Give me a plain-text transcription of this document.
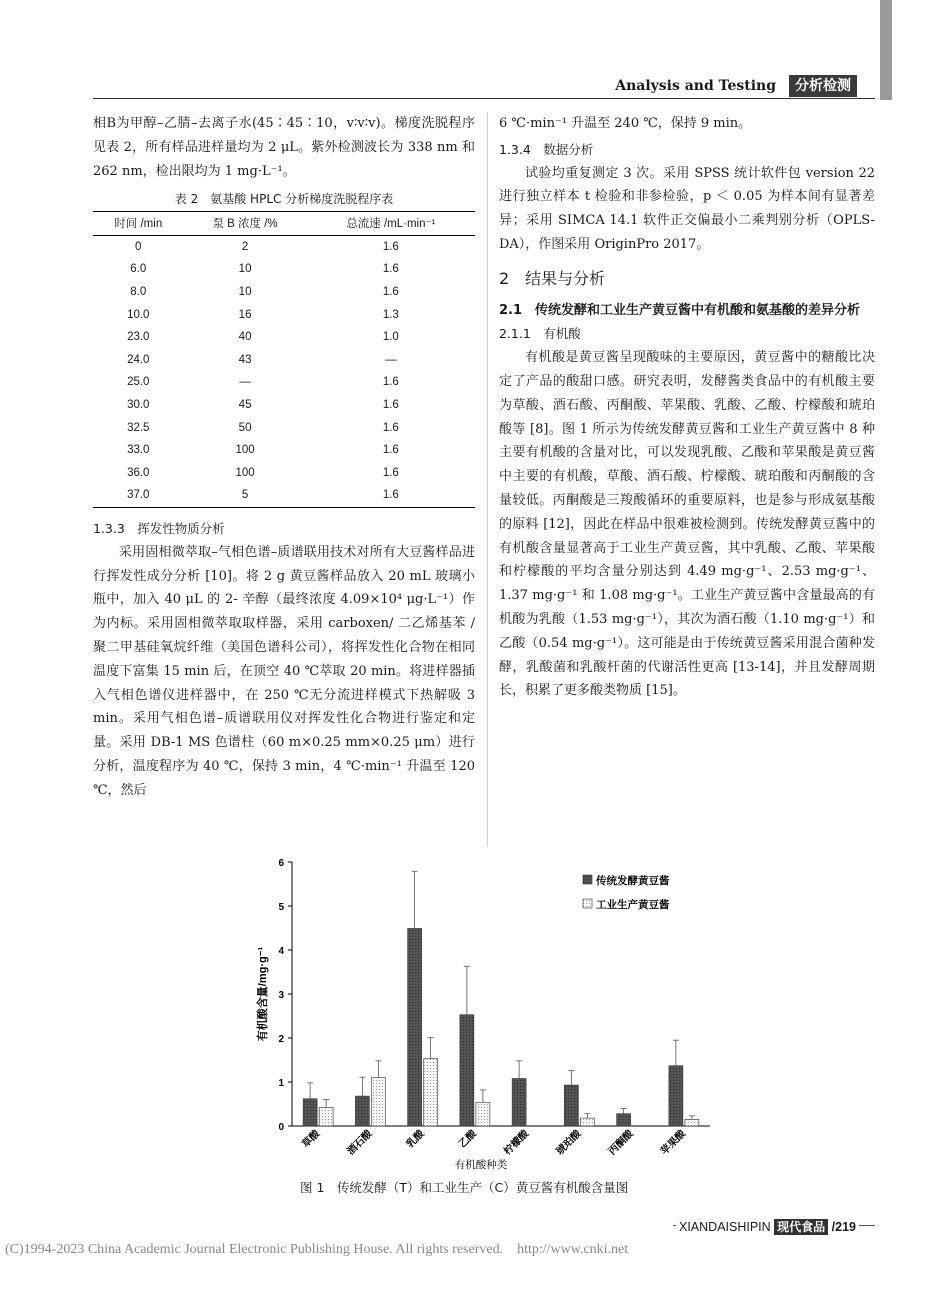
Analysis and Testing	分析检测

相B为甲醇–乙腈–去离子水(45∶45∶10，v∶v∶v)。梯度洗脱程序见表 2，所有样品进样量均为 2 μL。紫外检测波长为 338 nm 和 262 nm，检出限均为 1 mg·L⁻¹。

表 2　氨基酸 HPLC 分析梯度洗脱程序表
时间 /min	泵 B 浓度 /%	总流速 /mL·min⁻¹
0	2	1.6
6.0	10	1.6
8.0	10	1.6
10.0	16	1.3
23.0	40	1.0
24.0	43	—
25.0	—	1.6
30.0	45	1.6
32.5	50	1.6
33.0	100	1.6
36.0	100	1.6
37.0	5	1.6

1.3.3　挥发性物质分析

采用固相微萃取–气相色谱–质谱联用技术对所有大豆酱样品进行挥发性成分分析 [10]。将 2 g 黄豆酱样品放入 20 mL 玻璃小瓶中，加入 40 μL 的 2- 辛醇（最终浓度 4.09×10⁴ μg·L⁻¹）作为内标。采用固相微萃取取样器，采用 carboxen/ 二乙烯基苯 / 聚二甲基硅氧烷纤维（美国色谱科公司），将挥发性化合物在相同温度下富集 15 min 后，在顶空 40 ℃萃取 20 min。将进样器插入气相色谱仪进样器中，在 250 ℃无分流进样模式下热解吸 3 min。采用气相色谱–质谱联用仪对挥发性化合物进行鉴定和定量。采用 DB-1 MS 色谱柱（60 m×0.25 mm×0.25 μm）进行分析，温度程序为 40 ℃，保持 3 min，4 ℃·min⁻¹ 升温至 120 ℃，然后

6 ℃·min⁻¹ 升温至 240 ℃，保持 9 min。

1.3.4　数据分析

试验均重复测定 3 次。采用 SPSS 统计软件包 version 22 进行独立样本 t 检验和非参检验，p ＜ 0.05 为样本间有显著差异；采用 SIMCA 14.1 软件正交偏最小二乘判别分析（OPLS-DA），作图采用 OriginPro 2017。

2　结果与分析

2.1　传统发酵和工业生产黄豆酱中有机酸和氨基酸的差异分析

2.1.1　有机酸

有机酸是黄豆酱呈现酸味的主要原因，黄豆酱中的糖酸比决定了产品的酸甜口感。研究表明，发酵酱类食品中的有机酸主要为草酸、酒石酸、丙酮酸、苹果酸、乳酸、乙酸、柠檬酸和琥珀酸等 [8]。图 1 所示为传统发酵黄豆酱和工业生产黄豆酱中 8 种主要有机酸的含量对比，可以发现乳酸、乙酸和苹果酸是黄豆酱中主要的有机酸，草酸、酒石酸、柠檬酸、琥珀酸和丙酮酸的含量较低。丙酮酸是三羧酸循环的重要原料，也是参与形成氨基酸的原料 [12]，因此在样品中很难被检测到。传统发酵黄豆酱中的有机酸含量显著高于工业生产黄豆酱，其中乳酸、乙酸、苹果酸和柠檬酸的平均含量分别达到 4.49 mg·g⁻¹、2.53 mg·g⁻¹、1.37 mg·g⁻¹ 和 1.08 mg·g⁻¹。工业生产黄豆酱中含量最高的有机酸为乳酸（1.53 mg·g⁻¹），其次为酒石酸（1.10 mg·g⁻¹）和乙酸（0.54 mg·g⁻¹）。这可能是由于传统黄豆酱采用混合菌种发酵，乳酸菌和乳酸杆菌的代谢活性更高 [13-14]，并且发酵周期长，积累了更多酸类物质 [15]。

0
1
2
3
4
5
6
有机酸含量/mg·g⁻¹
草酸 酒石酸	乳酸	乙酸 柠檬酸 琥珀酸 丙酮酸 苹果酸
有机酸种类
传统发酵黄豆酱
工业生产黄豆酱
图 1　传统发酵（T）和工业生产（C）黄豆酱有机酸含量图
XIANDAISHIPIN 现代食品 /219
(C)1994-2023 China Academic Journal Electronic Publishing House. All rights reserved.    http://www.cnki.net
